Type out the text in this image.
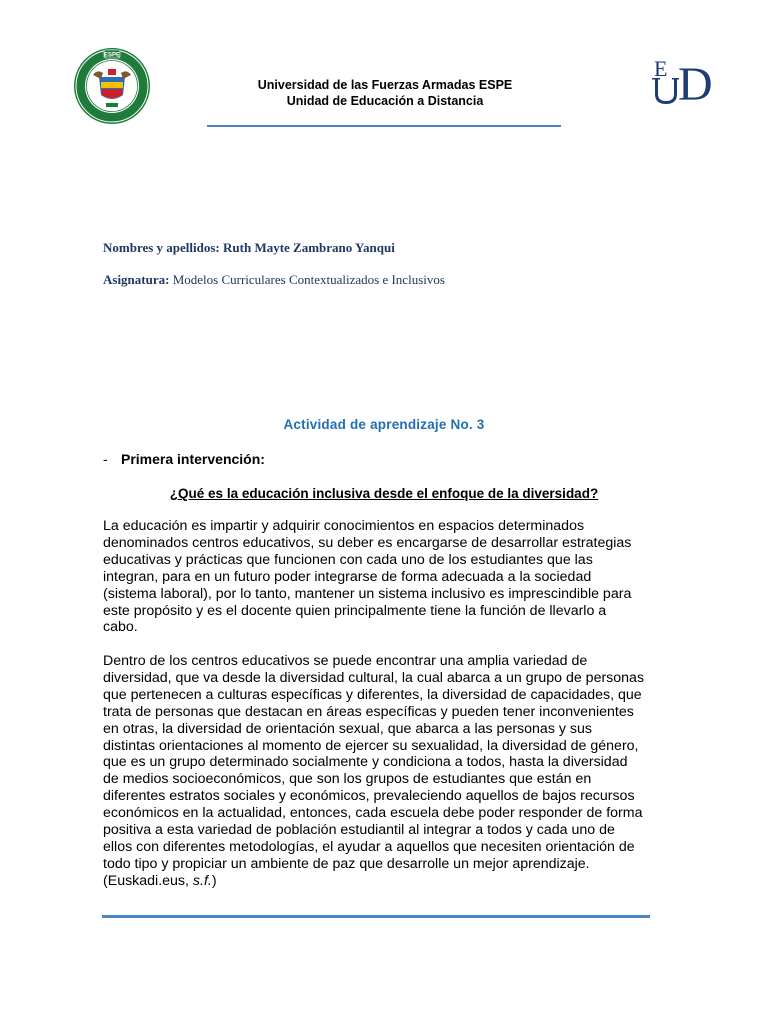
ESPE
Universidad de las Fuerzas Armadas ESPE
Unidad de Educación a Distancia
E D
Nombres y apellidos: Ruth Mayte Zambrano Yanqui
Asignatura: Modelos Curriculares Contextualizados e Inclusivos
Actividad de aprendizaje No. 3
- Primera intervención:
¿Qué es la educación inclusiva desde el enfoque de la diversidad?
La educación es impartir y adquirir conocimientos en espacios determinados
denominados centros educativos, su deber es encargarse de desarrollar estrategias
educativas y prácticas que funcionen con cada uno de los estudiantes que las
integran, para en un futuro poder integrarse de forma adecuada a la sociedad
(sistema laboral), por lo tanto, mantener un sistema inclusivo es imprescindible para
este propósito y es el docente quien principalmente tiene la función de llevarlo a
cabo.
Dentro de los centros educativos se puede encontrar una amplia variedad de
diversidad, que va desde la diversidad cultural, la cual abarca a un grupo de personas
que pertenecen a culturas específicas y diferentes, la diversidad de capacidades, que
trata de personas que destacan en áreas específicas y pueden tener inconvenientes
en otras, la diversidad de orientación sexual, que abarca a las personas y sus
distintas orientaciones al momento de ejercer su sexualidad, la diversidad de género,
que es un grupo determinado socialmente y condiciona a todos, hasta la diversidad
de medios socioeconómicos, que son los grupos de estudiantes que están en
diferentes estratos sociales y económicos, prevaleciendo aquellos de bajos recursos
económicos en la actualidad, entonces, cada escuela debe poder responder de forma
positiva a esta variedad de población estudiantil al integrar a todos y cada uno de
ellos con diferentes metodologías, el ayudar a aquellos que necesiten orientación de
todo tipo y propiciar un ambiente de paz que desarrolle un mejor aprendizaje.
(Euskadi.eus, s.f.)
